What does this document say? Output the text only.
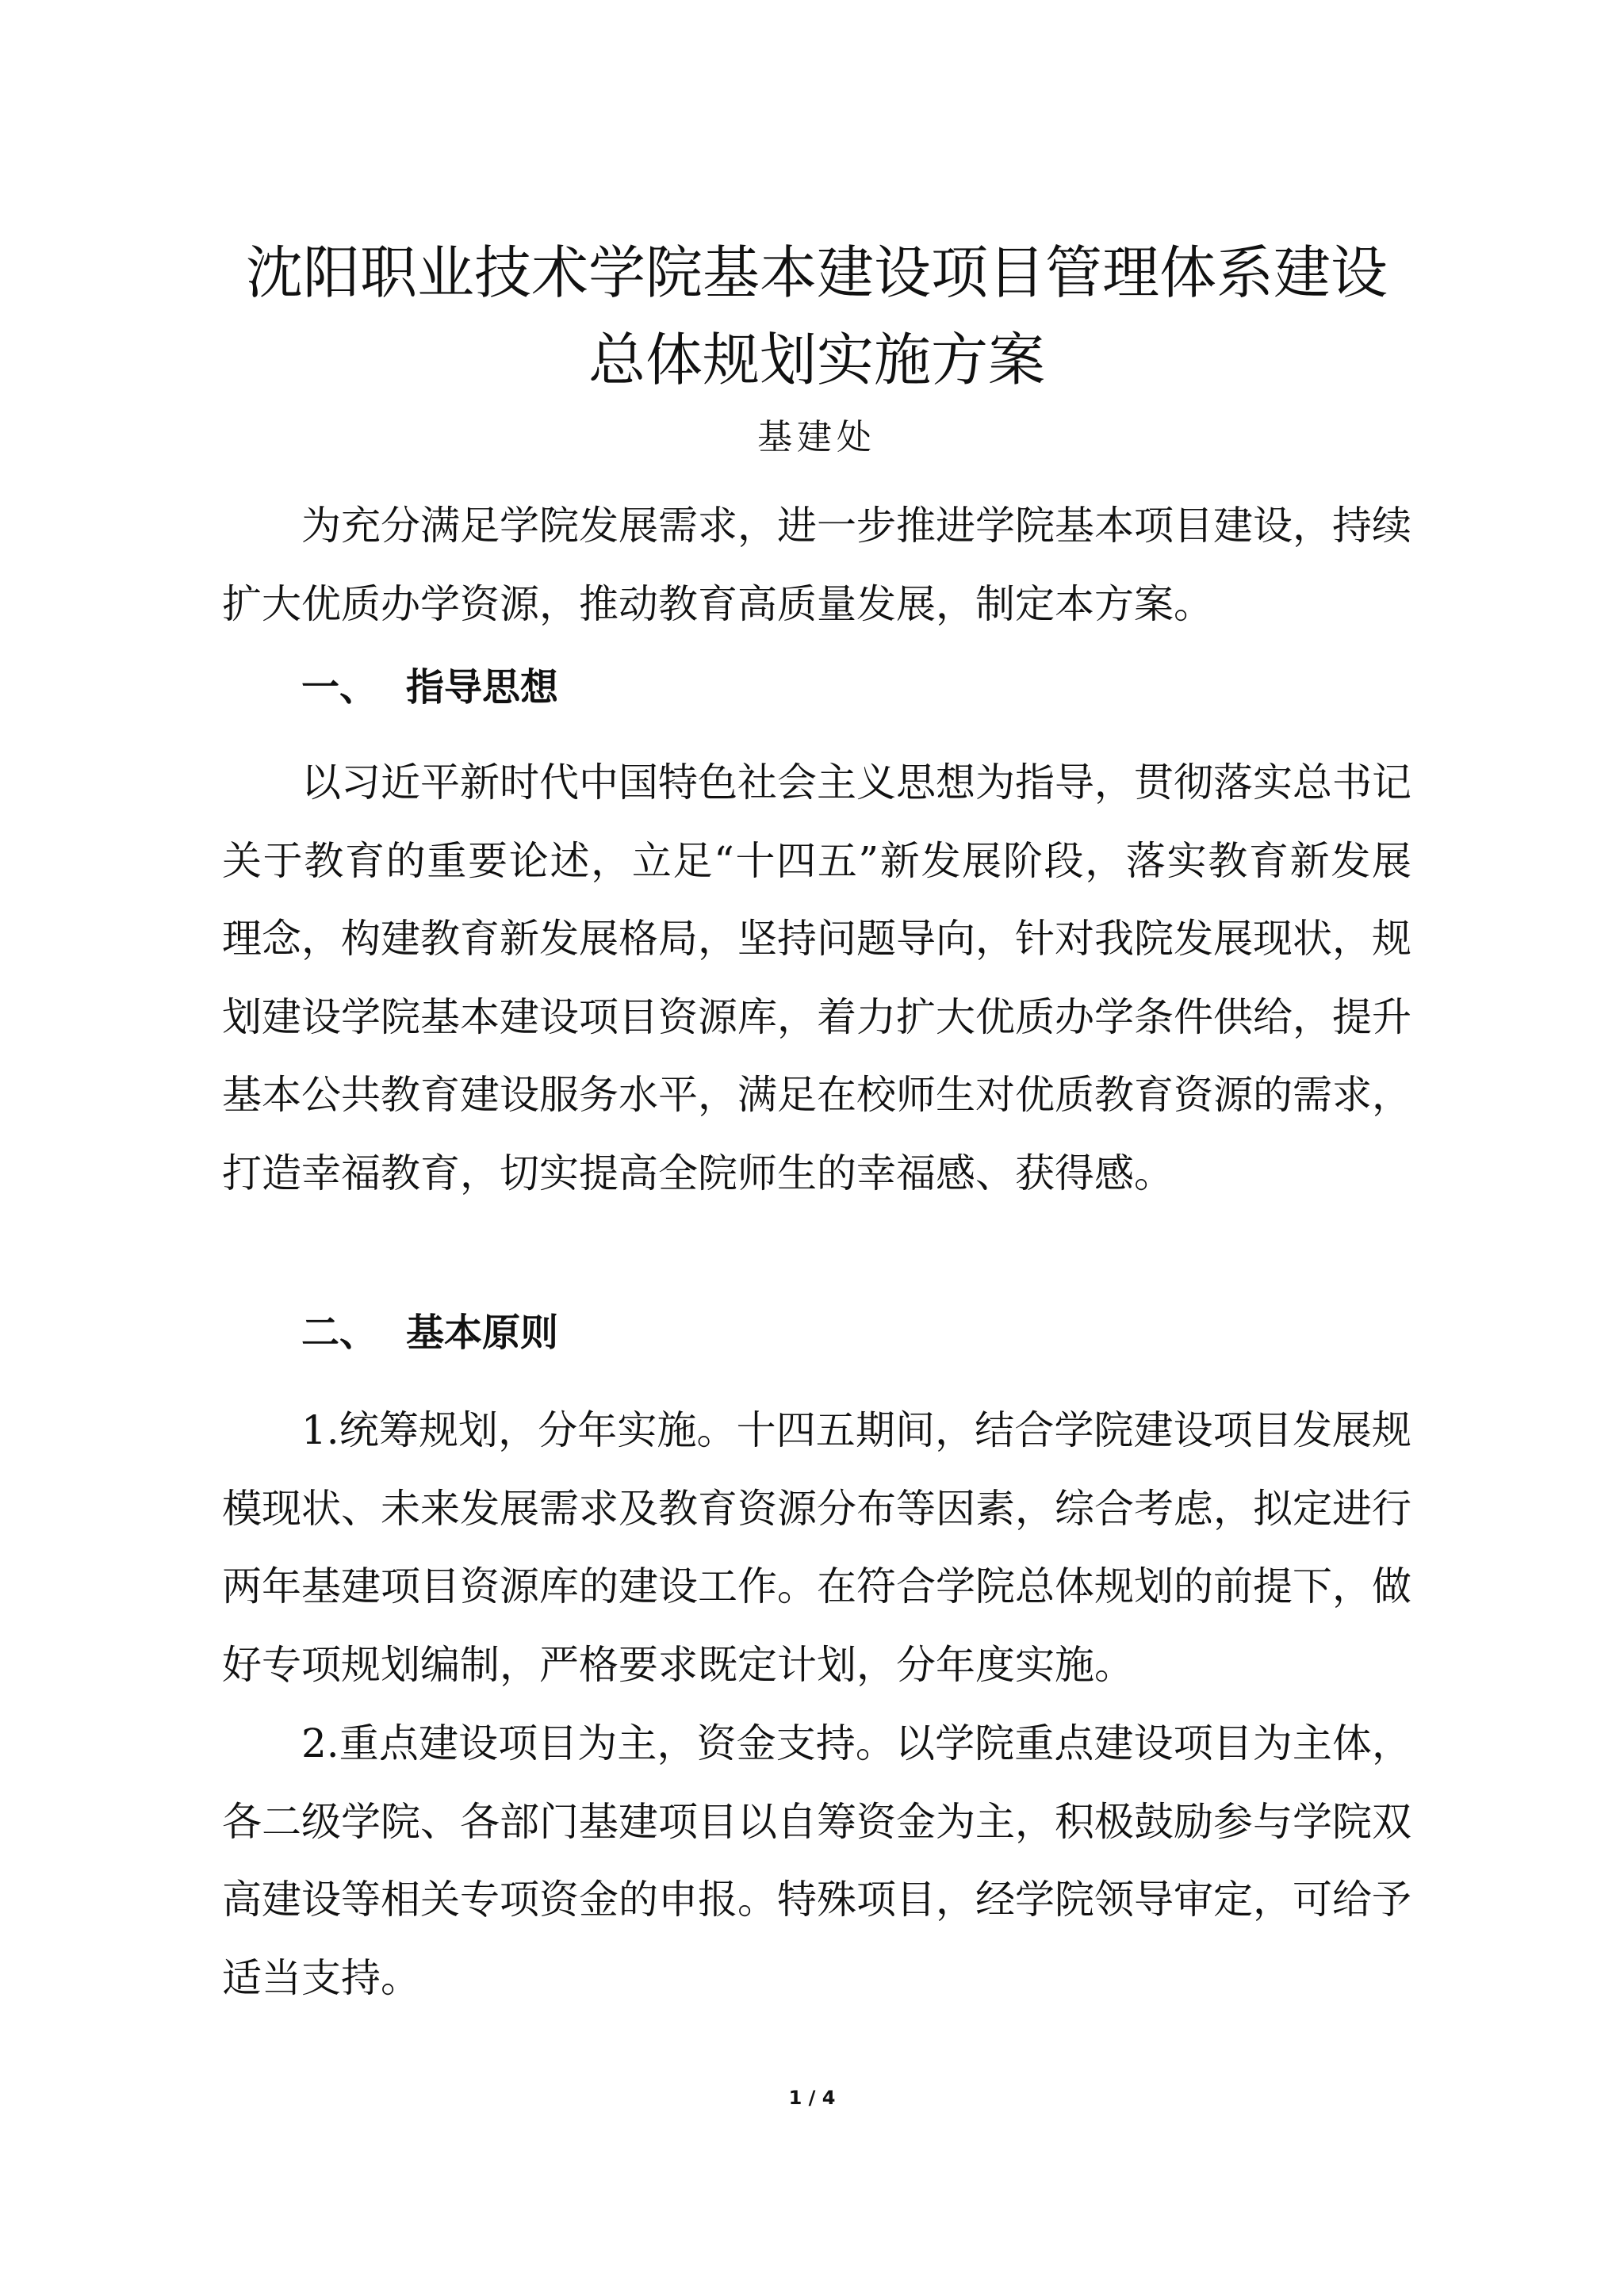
沈阳职业技术学院基本建设项目管理体系建设
总体规划实施方案
基建处

为充分满足学院发展需求，进一步推进学院基本项目建设，持续扩大优质办学资源，推动教育高质量发展，制定本方案。

一、 指导思想

以习近平新时代中国特色社会主义思想为指导，贯彻落实总书记关于教育的重要论述，立足“十四五”新发展阶段，落实教育新发展理念，构建教育新发展格局，坚持问题导向，针对我院发展现状，规划建设学院基本建设项目资源库，着力扩大优质办学条件供给，提升基本公共教育建设服务水平，满足在校师生对优质教育资源的需求，打造幸福教育，切实提高全院师生的幸福感、获得感。

二、 基本原则

1.统筹规划，分年实施。十四五期间，结合学院建设项目发展规模现状、未来发展需求及教育资源分布等因素，综合考虑，拟定进行两年基建项目资源库的建设工作。在符合学院总体规划的前提下，做好专项规划编制，严格要求既定计划，分年度实施。

2.重点建设项目为主，资金支持。以学院重点建设项目为主体，各二级学院、各部门基建项目以自筹资金为主，积极鼓励参与学院双高建设等相关专项资金的申报。特殊项目，经学院领导审定，可给予适当支持。

1 / 4
